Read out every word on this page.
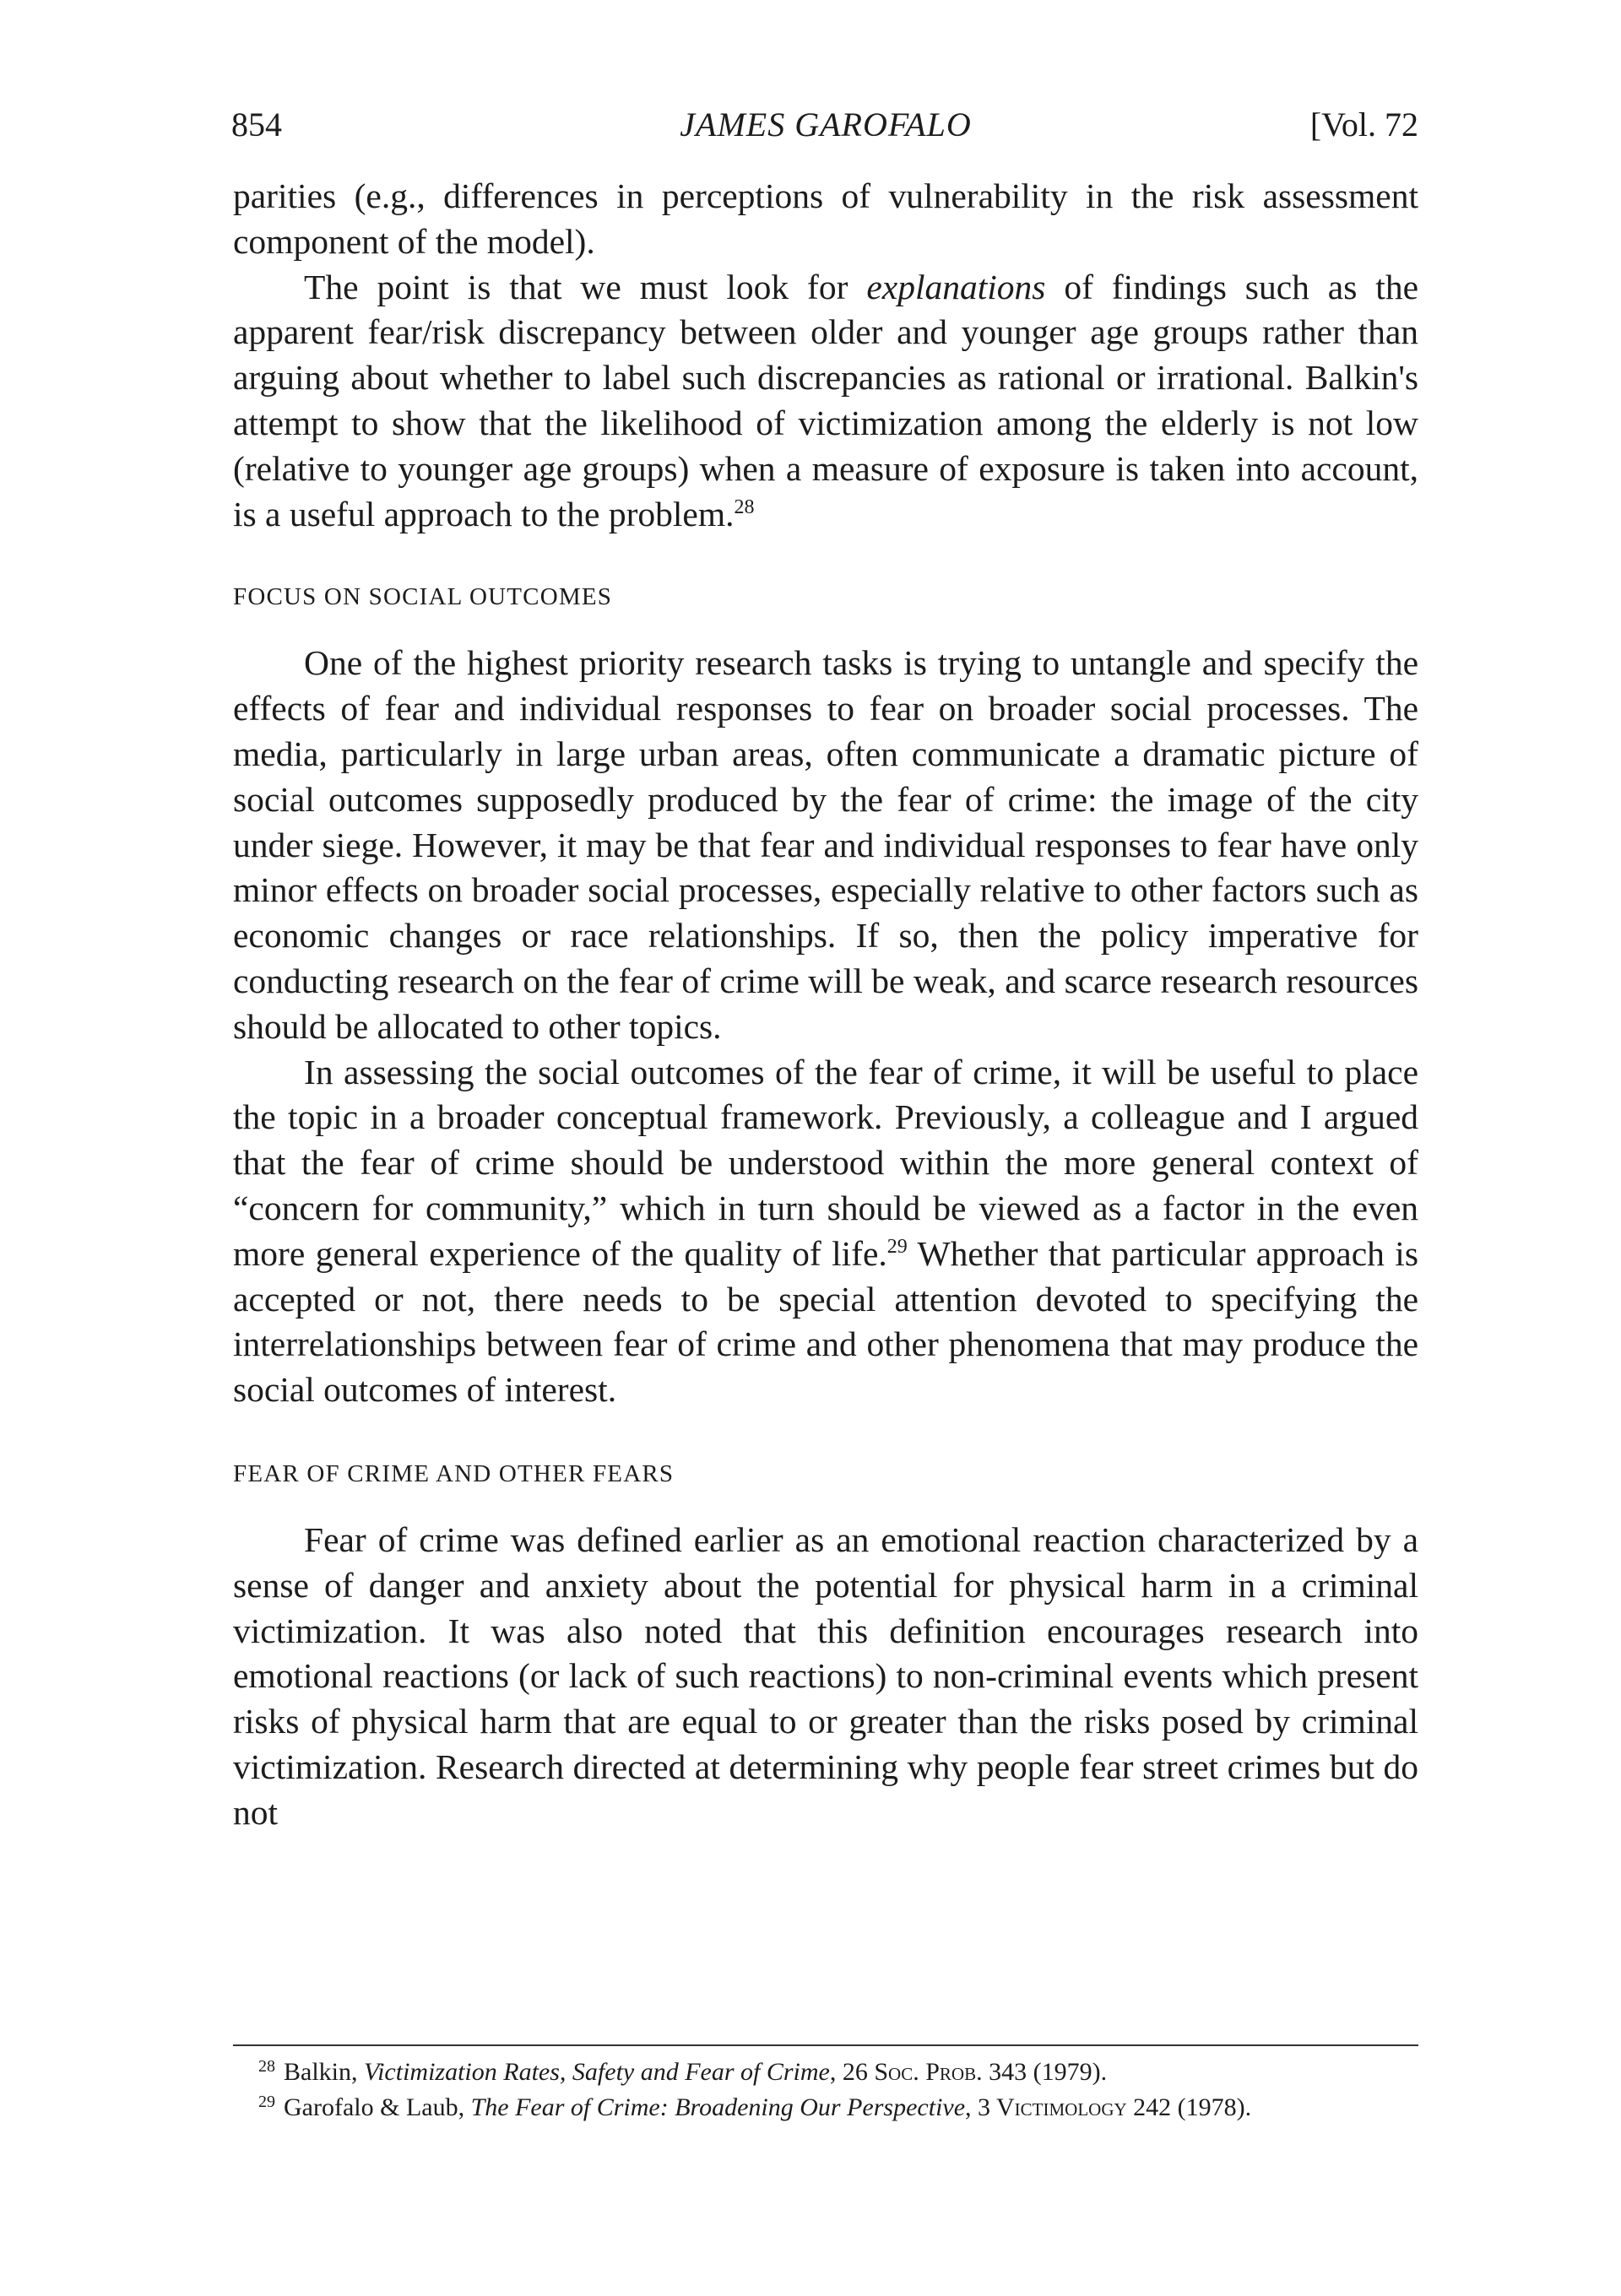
854	JAMES GAROFALO	[Vol. 72

parities (e.g., differences in perceptions of vulnerability in the risk assessment component of the model).

The point is that we must look for explanations of findings such as the apparent fear/risk discrepancy between older and younger age groups rather than arguing about whether to label such discrepancies as rational or irrational. Balkin's attempt to show that the likelihood of victimization among the elderly is not low (relative to younger age groups) when a measure of exposure is taken into account, is a useful approach to the problem.$^{28}$

FOCUS ON SOCIAL OUTCOMES

One of the highest priority research tasks is trying to untangle and specify the effects of fear and individual responses to fear on broader social processes. The media, particularly in large urban areas, often communicate a dramatic picture of social outcomes supposedly produced by the fear of crime: the image of the city under siege. However, it may be that fear and individual responses to fear have only minor effects on broader social processes, especially relative to other factors such as economic changes or race relationships. If so, then the policy imperative for conducting research on the fear of crime will be weak, and scarce research resources should be allocated to other topics.

In assessing the social outcomes of the fear of crime, it will be useful to place the topic in a broader conceptual framework. Previously, a colleague and I argued that the fear of crime should be understood within the more general context of “concern for community,” which in turn should be viewed as a factor in the even more general experience of the quality of life.$^{29}$ Whether that particular approach is accepted or not, there needs to be special attention devoted to specifying the interrelationships between fear of crime and other phenomena that may produce the social outcomes of interest.

FEAR OF CRIME AND OTHER FEARS

Fear of crime was defined earlier as an emotional reaction characterized by a sense of danger and anxiety about the potential for physical harm in a criminal victimization. It was also noted that this definition encourages research into emotional reactions (or lack of such reactions) to non-criminal events which present risks of physical harm that are equal to or greater than the risks posed by criminal victimization. Research directed at determining why people fear street crimes but do not

$^{28}$ Balkin, Victimization Rates, Safety and Fear of Crime, 26 Soc. Prob. 343 (1979).

$^{29}$ Garofalo & Laub, The Fear of Crime: Broadening Our Perspective, 3 Victimology 242 (1978).
